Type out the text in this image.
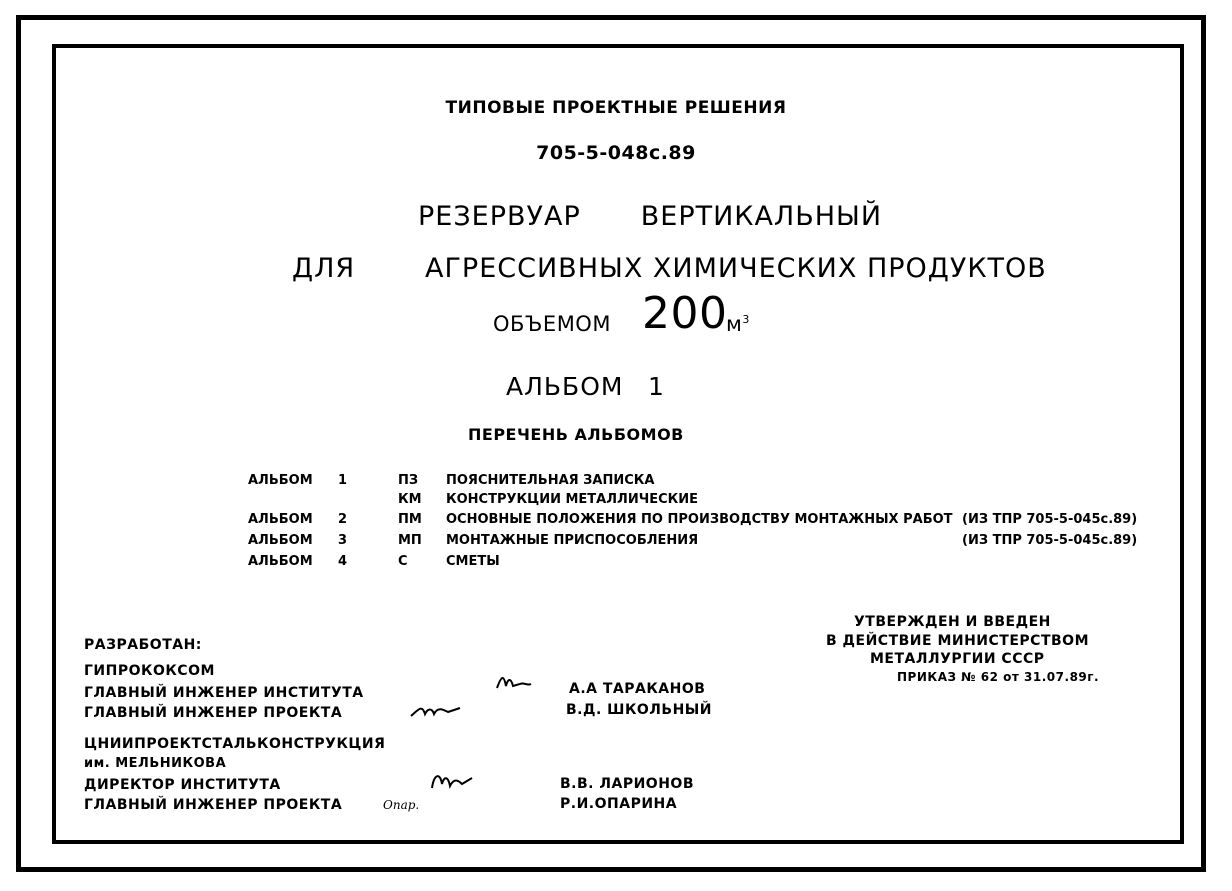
ТИПОВЫЕ ПРОЕКТНЫЕ РЕШЕНИЯ
705-5-048с.89
РЕЗЕРВУАР ВЕРТИКАЛЬНЫЙ
ДЛЯ	АГРЕССИВНЫХ ХИМИЧЕСКИХ ПРОДУКТОВ
ОБЪЕМОМ 200
$м^3$
АЛЬБОМ 1
ПЕРЕЧЕНЬ АЛЬБОМОВ
АЛЬБОМ 1	ПЗ ПОЯСНИТЕЛЬНАЯ ЗАПИСКА
КМ КОНСТРУКЦИИ МЕТАЛЛИЧЕСКИЕ
АЛЬБОМ 2	ПМ ОСНОВНЫЕ ПОЛОЖЕНИЯ ПО ПРОИЗВОДСТВУ МОНТАЖНЫХ РАБОТ (ИЗ ТПР 705-5-045с.89)
АЛЬБОМ 3	МП МОНТАЖНЫЕ ПРИСПОСОБЛЕНИЯ	(ИЗ ТПР 705-5-045с.89)
АЛЬБОМ 4	С	СМЕТЫ
РАЗРАБОТАН:
ГИПРОКОКСОМ
ГЛАВНЫЙ ИНЖЕНЕР ИНСТИТУТА
ГЛАВНЫЙ ИНЖЕНЕР ПРОЕКТА
ЦНИИПРОЕКТСТАЛЬКОНСТРУКЦИЯ
им. МЕЛЬНИКОВА
ДИРЕКТОР ИНСТИТУТА
ГЛАВНЫЙ ИНЖЕНЕР ПРОЕКТА
А.А ТАРАКАНОВ
В.Д. ШКОЛЬНЫЙ
В.В. ЛАРИОНОВ
Р.И.ОПАРИНА
Опар.
УТВЕРЖДЕН И ВВЕДЕН
В ДЕЙСТВИЕ МИНИСТЕРСТВОМ
МЕТАЛЛУРГИИ СССР
ПРИКАЗ № 62 от 31.07.89г.
